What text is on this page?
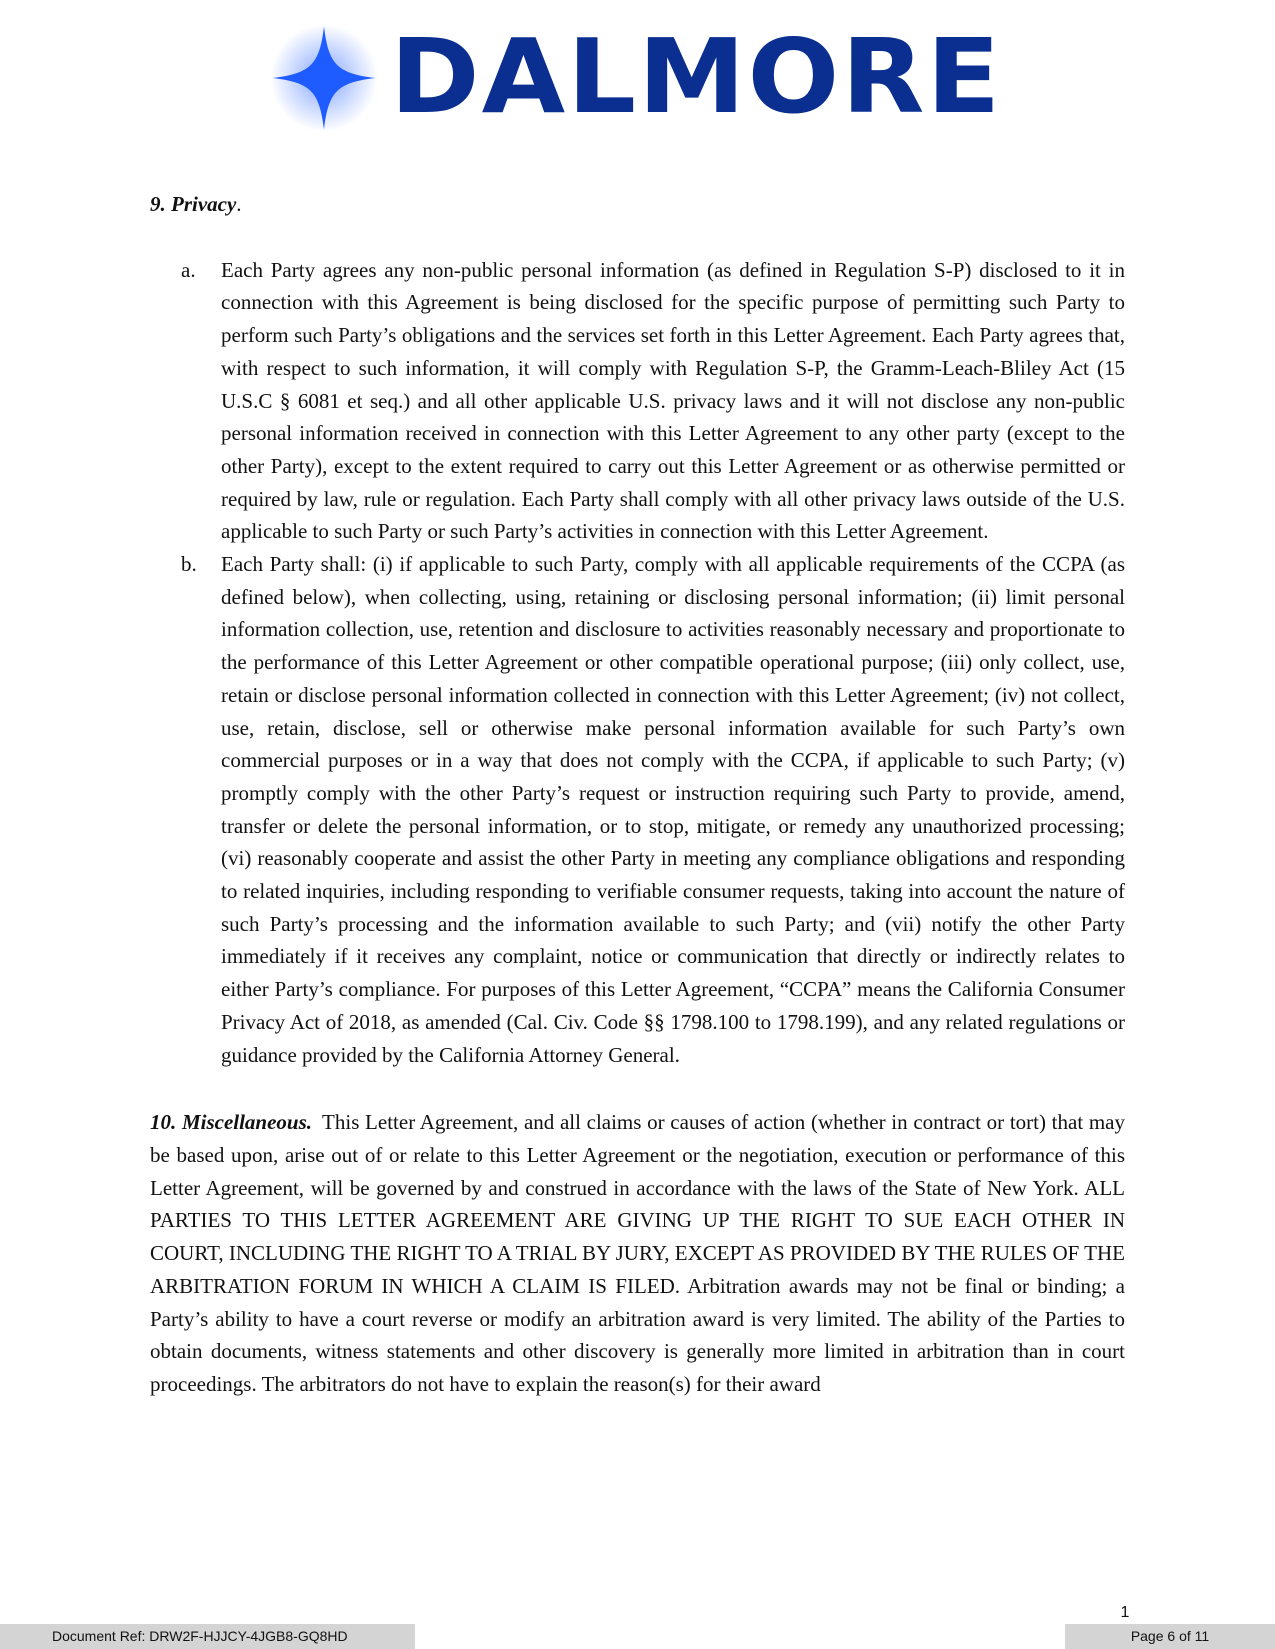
DALMORE
9. Privacy.
a. Each Party agrees any non-public personal information (as defined in Regulation S-P) disclosed to it in connection with this Agreement is being disclosed for the specific purpose of permitting such Party to perform such Party’s obligations and the services set forth in this Letter Agreement. Each Party agrees that, with respect to such information, it will comply with Regulation S-P, the Gramm-Leach-Bliley Act (15 U.S.C § 6081 et seq.) and all other applicable U.S. privacy laws and it will not disclose any non-public personal information received in connection with this Letter Agreement to any other party (except to the other Party), except to the extent required to carry out this Letter Agreement or as otherwise permitted or required by law, rule or regulation. Each Party shall comply with all other privacy laws outside of the U.S. applicable to such Party or such Party’s activities in connection with this Letter Agreement.
b. Each Party shall: (i) if applicable to such Party, comply with all applicable requirements of the CCPA (as defined below), when collecting, using, retaining or disclosing personal information; (ii) limit personal information collection, use, retention and disclosure to activities reasonably necessary and proportionate to the performance of this Letter Agreement or other compatible operational purpose; (iii) only collect, use, retain or disclose personal information collected in connection with this Letter Agreement; (iv) not collect, use, retain, disclose, sell or otherwise make personal information available for such Party’s own commercial purposes or in a way that does not comply with the CCPA, if applicable to such Party; (v) promptly comply with the other Party’s request or instruction requiring such Party to provide, amend, transfer or delete the personal information, or to stop, mitigate, or remedy any unauthorized processing; (vi) reasonably cooperate and assist the other Party in meeting any compliance obligations and responding to related inquiries, including responding to verifiable consumer requests, taking into account the nature of such Party’s processing and the information available to such Party; and (vii) notify the other Party immediately if it receives any complaint, notice or communication that directly or indirectly relates to either Party’s compliance. For purposes of this Letter Agreement, “CCPA” means the California Consumer Privacy Act of 2018, as amended (Cal. Civ. Code §§ 1798.100 to 1798.199), and any related regulations or guidance provided by the California Attorney General.
10. Miscellaneous. This Letter Agreement, and all claims or causes of action (whether in contract or tort) that may be based upon, arise out of or relate to this Letter Agreement or the negotiation, execution or performance of this Letter Agreement, will be governed by and construed in accordance with the laws of the State of New York. ALL PARTIES TO THIS LETTER AGREEMENT ARE GIVING UP THE RIGHT TO SUE EACH OTHER IN COURT, INCLUDING THE RIGHT TO A TRIAL BY JURY, EXCEPT AS PROVIDED BY THE RULES OF THE ARBITRATION FORUM IN WHICH A CLAIM IS FILED. Arbitration awards may not be final or binding; a Party’s ability to have a court reverse or modify an arbitration award is very limited. The ability of the Parties to obtain documents, witness statements and other discovery is generally more limited in arbitration than in court proceedings. The arbitrators do not have to explain the reason(s) for their award
1
Document Ref: DRW2F-HJJCY-4JGB8-GQ8HD	Page 6 of 11
